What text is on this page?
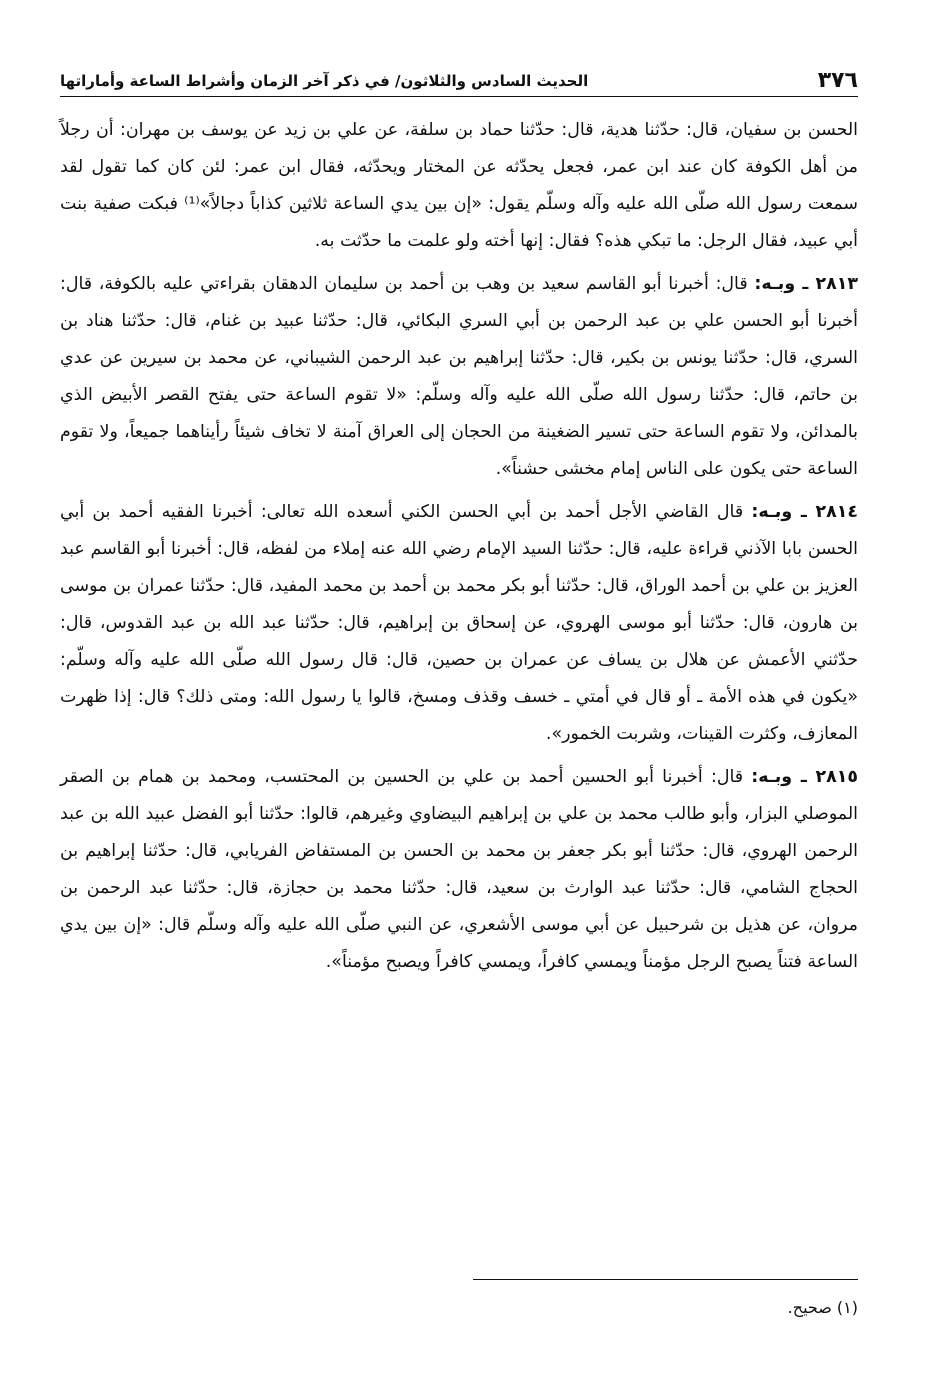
٣٧٦
الحديث السادس والثلاثون/ في ذكر آخر الزمان وأشراط الساعة وأماراتها

الحسن بن سفيان، قال: حدّثنا هدية، قال: حدّثنا حماد بن سلفة، عن علي بن زيد عن يوسف بن مهران: أن رجلاً من أهل الكوفة كان عند ابن عمر، فجعل يحدّثه عن المختار ويحدّثه، فقال ابن عمر: لئن كان كما تقول لقد سمعت رسول الله صلّى الله عليه وآله وسلّم يقول: «إن بين يدي الساعة ثلاثين كذاباً دجالاً»⁽¹⁾ فبكت صفية بنت أبي عبيد، فقال الرجل: ما تبكي هذه؟ فقال: إنها أخته ولو علمت ما حدّثت به.

٢٨١٣ ـ وبـه: قال: أخبرنا أبو القاسم سعيد بن وهب بن أحمد بن سليمان الدهقان بقراءتي عليه بالكوفة، قال: أخبرنا أبو الحسن علي بن عبد الرحمن بن أبي السري البكائي، قال: حدّثنا عبيد بن غنام، قال: حدّثنا هناد بن السري، قال: حدّثنا يونس بن بكير، قال: حدّثنا إبراهيم بن عبد الرحمن الشيباني، عن محمد بن سيرين عن عدي بن حاتم، قال: حدّثنا رسول الله صلّى الله عليه وآله وسلّم: «لا تقوم الساعة حتى يفتح القصر الأبيض الذي بالمدائن، ولا تقوم الساعة حتى تسير الضغينة من الحجان إلى العراق آمنة لا تخاف شيئاً رأيناهما جميعاً، ولا تقوم الساعة حتى يكون على الناس إمام مخشى حشناً».

٢٨١٤ ـ وبـه: قال القاضي الأجل أحمد بن أبي الحسن الكني أسعده الله تعالى: أخبرنا الفقيه أحمد بن أبي الحسن بابا الآذني قراءة عليه، قال: حدّثنا السيد الإمام رضي الله عنه إملاء من لفظه، قال: أخبرنا أبو القاسم عبد العزيز بن علي بن أحمد الوراق، قال: حدّثنا أبو بكر محمد بن أحمد بن محمد المفيد، قال: حدّثنا عمران بن موسى بن هارون، قال: حدّثنا أبو موسى الهروي، عن إسحاق بن إبراهيم، قال: حدّثنا عبد الله بن عبد القدوس، قال: حدّثني الأعمش عن هلال بن يساف عن عمران بن حصين، قال: قال رسول الله صلّى الله عليه وآله وسلّم: «يكون في هذه الأمة ـ أو قال في أمتي ـ خسف وقذف ومسخ، قالوا يا رسول الله: ومتى ذلك؟ قال: إذا ظهرت المعازف، وكثرت القينات، وشربت الخمور».

٢٨١٥ ـ وبـه: قال: أخبرنا أبو الحسين أحمد بن علي بن الحسين بن المحتسب، ومحمد بن همام بن الصقر الموصلي البزار، وأبو طالب محمد بن علي بن إبراهيم البيضاوي وغيرهم، قالوا: حدّثنا أبو الفضل عبيد الله بن عبد الرحمن الهروي، قال: حدّثنا أبو بكر جعفر بن محمد بن الحسن بن المستفاض الفريابي، قال: حدّثنا إبراهيم بن الحجاج الشامي، قال: حدّثنا عبد الوارث بن سعيد، قال: حدّثنا محمد بن حجازة، قال: حدّثنا عبد الرحمن بن مروان، عن هذيل بن شرحبيل عن أبي موسى الأشعري، عن النبي صلّى الله عليه وآله وسلّم قال: «إن بين يدي الساعة فتناً يصبح الرجل مؤمناً ويمسي كافراً، ويمسي كافراً ويصبح مؤمناً».

(١) صحيح.
